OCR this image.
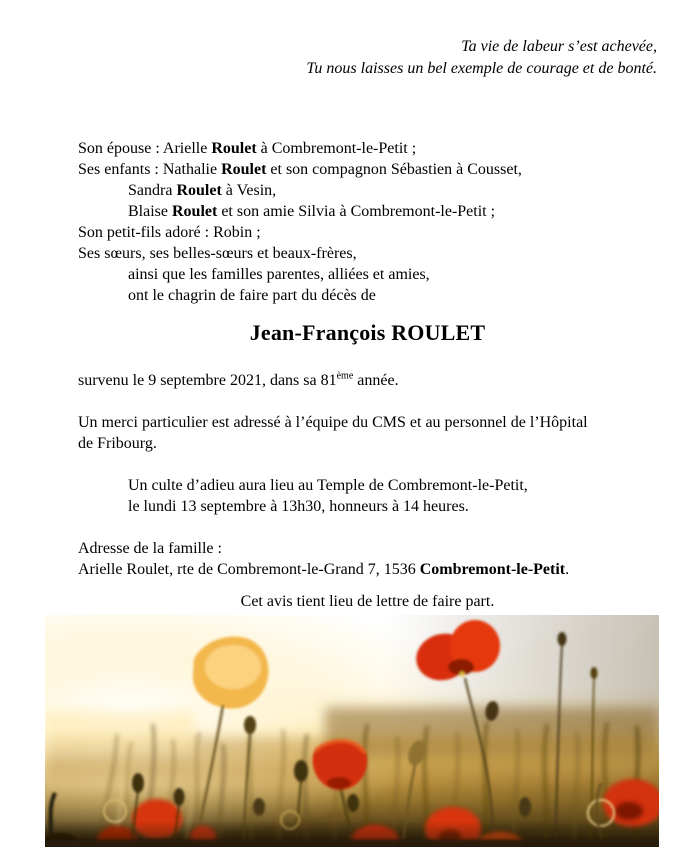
Ta vie de labeur s’est achevée,
Tu nous laisses un bel exemple de courage et de bonté.
Son épouse : Arielle Roulet à Combremont-le-Petit ;
Ses enfants : Nathalie Roulet et son compagnon Sébastien à Cousset,
Sandra Roulet à Vesin,
Blaise Roulet et son amie Silvia à Combremont-le-Petit ;
Son petit-fils adoré : Robin ;
Ses sœurs, ses belles-sœurs et beaux-frères,
ainsi que les familles parentes, alliées et amies,
ont le chagrin de faire part du décès de
Jean-François ROULET

survenu le 9 septembre 2021, dans sa 81ème année.

Un merci particulier est adressé à l’équipe du CMS et au personnel de l’Hôpital
de Fribourg.

Un culte d’adieu aura lieu au Temple de Combremont-le-Petit,
le lundi 13 septembre à 13h30, honneurs à 14 heures.
Adresse de la famille :
Arielle Roulet, rte de Combremont-le-Grand 7, 1536 Combremont-le-Petit.

Cet avis tient lieu de lettre de faire part.
